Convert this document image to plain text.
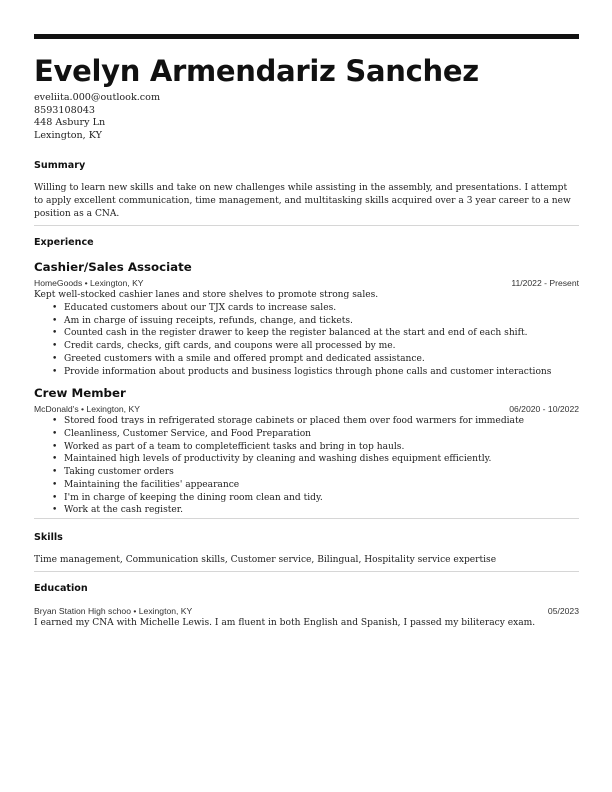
Evelyn Armendariz Sanchez
eveliita.000@outlook.com
8593108043
448 Asbury Ln
Lexington, KY
Summary
Willing to learn new skills and take on new challenges while assisting in the assembly, and presentations. I attempt to apply excellent communication, time management, and multitasking skills acquired over a 3 year career to a new position as a CNA.
Experience
Cashier/Sales Associate
HomeGoods • Lexington, KY	11/2022 - Present
Kept well-stocked cashier lanes and store shelves to promote strong sales.
• Educated customers about our TJX cards to increase sales.
• Am in charge of issuing receipts, refunds, change, and tickets.
• Counted cash in the register drawer to keep the register balanced at the start and end of each shift.
• Credit cards, checks, gift cards, and coupons were all processed by me.
• Greeted customers with a smile and offered prompt and dedicated assistance.
• Provide information about products and business logistics through phone calls and customer interactions
Crew Member
McDonald's • Lexington, KY	06/2020 - 10/2022
• Stored food trays in refrigerated storage cabinets or placed them over food warmers for immediate
• Cleanliness, Customer Service, and Food Preparation
• Worked as part of a team to completefficient tasks and bring in top hauls.
• Maintained high levels of productivity by cleaning and washing dishes equipment efficiently.
• Taking customer orders
• Maintaining the facilities' appearance
• I'm in charge of keeping the dining room clean and tidy.
• Work at the cash register.
Skills
Time management, Communication skills, Customer service, Bilingual, Hospitality service expertise
Education
Bryan Station High schoo • Lexington, KY	05/2023
I earned my CNA with Michelle Lewis. I am fluent in both English and Spanish, I passed my biliteracy exam.
